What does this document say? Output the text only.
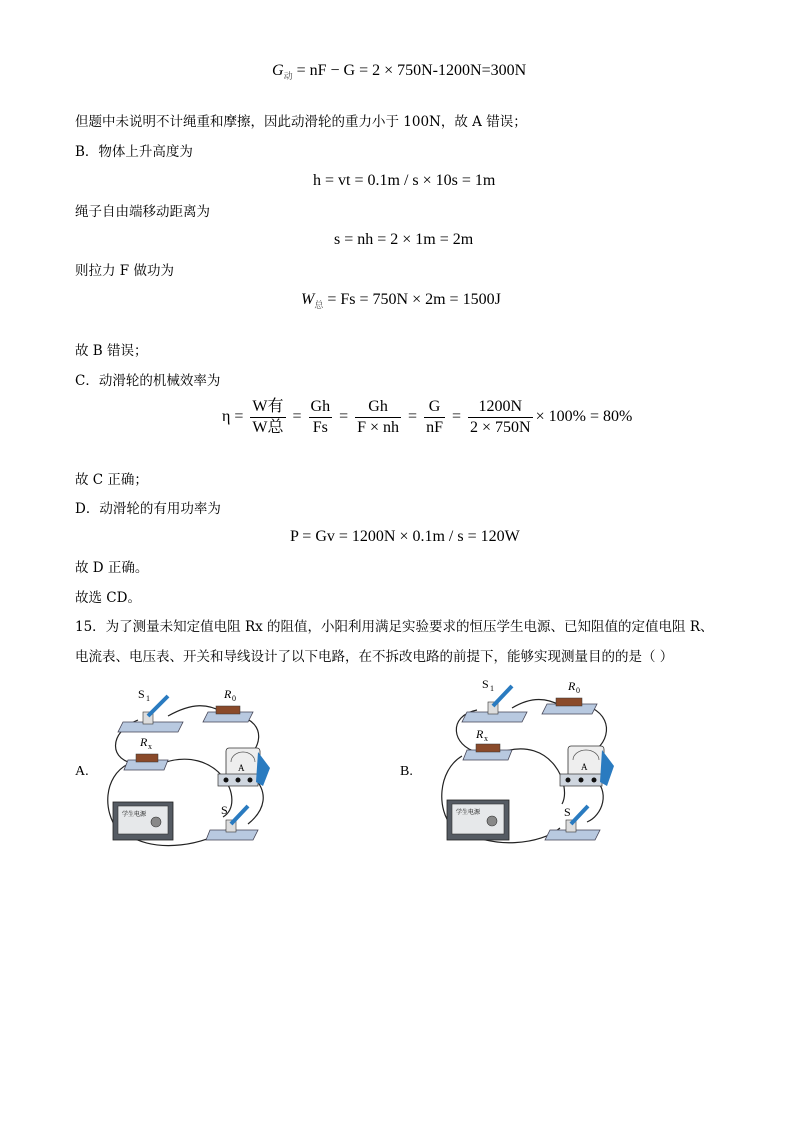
$G_动$ = nF − G = 2 × 750N-1200N=300N
但题中未说明不计绳重和摩擦，因此动滑轮的重力小于 100N，故 A 错误；
B．物体上升高度为
h = vt = 0.1m / s × 10s = 1m
绳子自由端移动距离为
s = nh = 2 × 1m = 2m
则拉力 F 做功为
$W_总 = Fs = 750N \times 2m = 1500J$
故 B 错误；
C．动滑轮的机械效率为
$\eta = \frac{\text{W有}}{\text{W总}} = \frac{Gh}{Fs} = \frac{Gh}{F \times nh} = \frac{G}{nF} = \frac{1200N}{2 \times 750N} \times 100\% = 80\%$
故 C 正确；
D．动滑轮的有用功率为
P = Gv = 1200N × 0.1m / s = 120W
故 D 正确。
故选 CD。
15．为了测量未知定值电阻 Rx 的阻值，小阳利用满足实验要求的恒压学生电源、已知阻值的定值电阻 R、
电流表、电压表、开关和导线设计了以下电路，在不拆改电路的前提下，能够实现测量目的的是（ ）
A.	B.
S 1	R 0
R x
A
学生电源	S
S 1	R 0
R x
A
学生电源	S
